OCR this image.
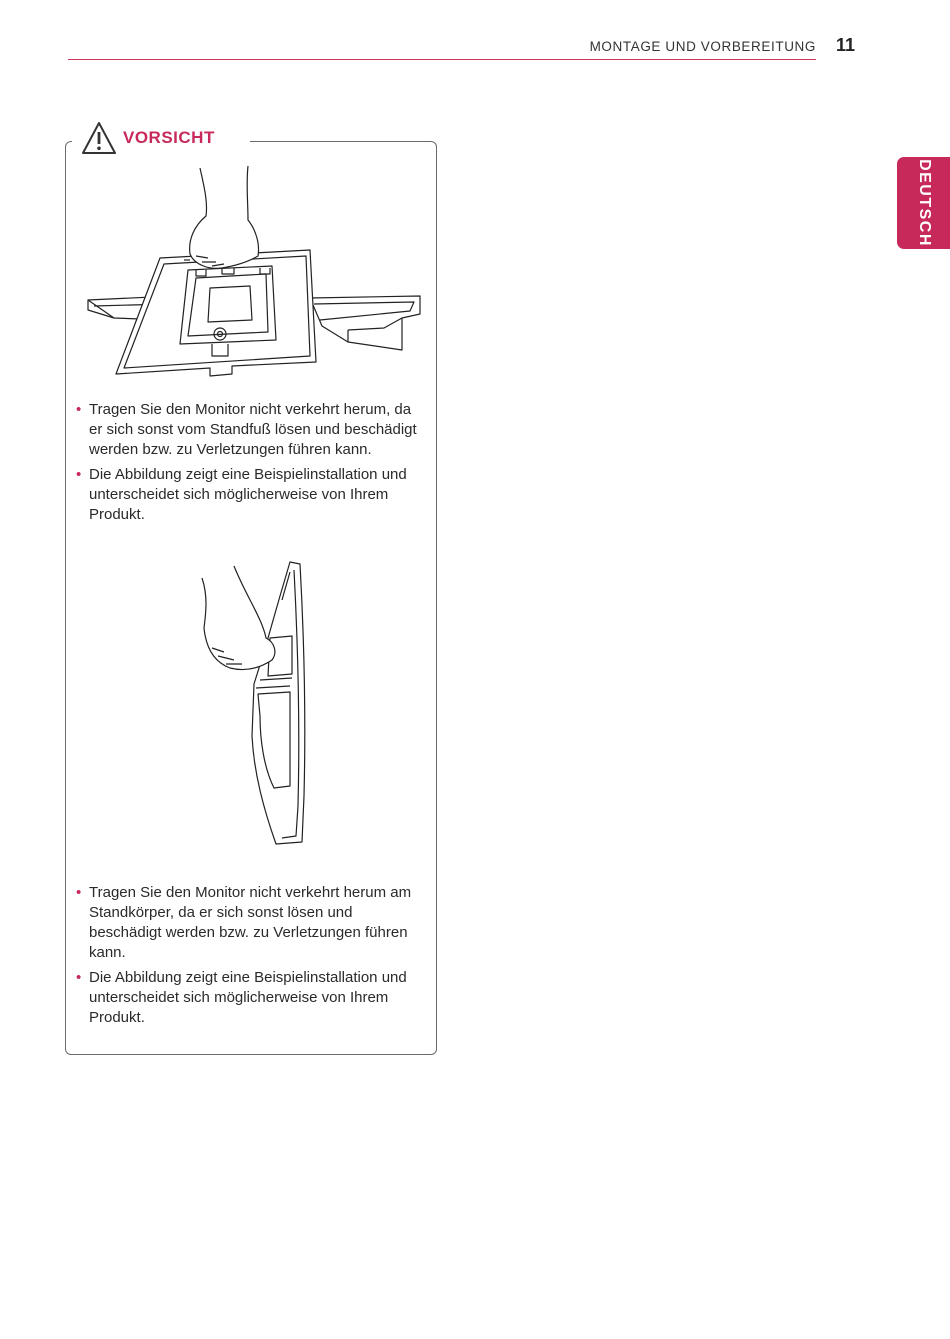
MONTAGE UND VORBEREITUNG 11
DEUTSCH
VORSICHT
• Tragen Sie den Monitor nicht verkehrt herum, da er sich sonst vom Standfuß lösen und beschädigt werden bzw. zu Verletzungen führen kann.
• Die Abbildung zeigt eine Beispielinstallation und unterscheidet sich möglicherweise von Ihrem Produkt.
• Tragen Sie den Monitor nicht verkehrt herum am Standkörper, da er sich sonst lösen und beschädigt werden bzw. zu Verletzungen führen kann.
• Die Abbildung zeigt eine Beispielinstallation und unterscheidet sich möglicherweise von Ihrem Produkt.
